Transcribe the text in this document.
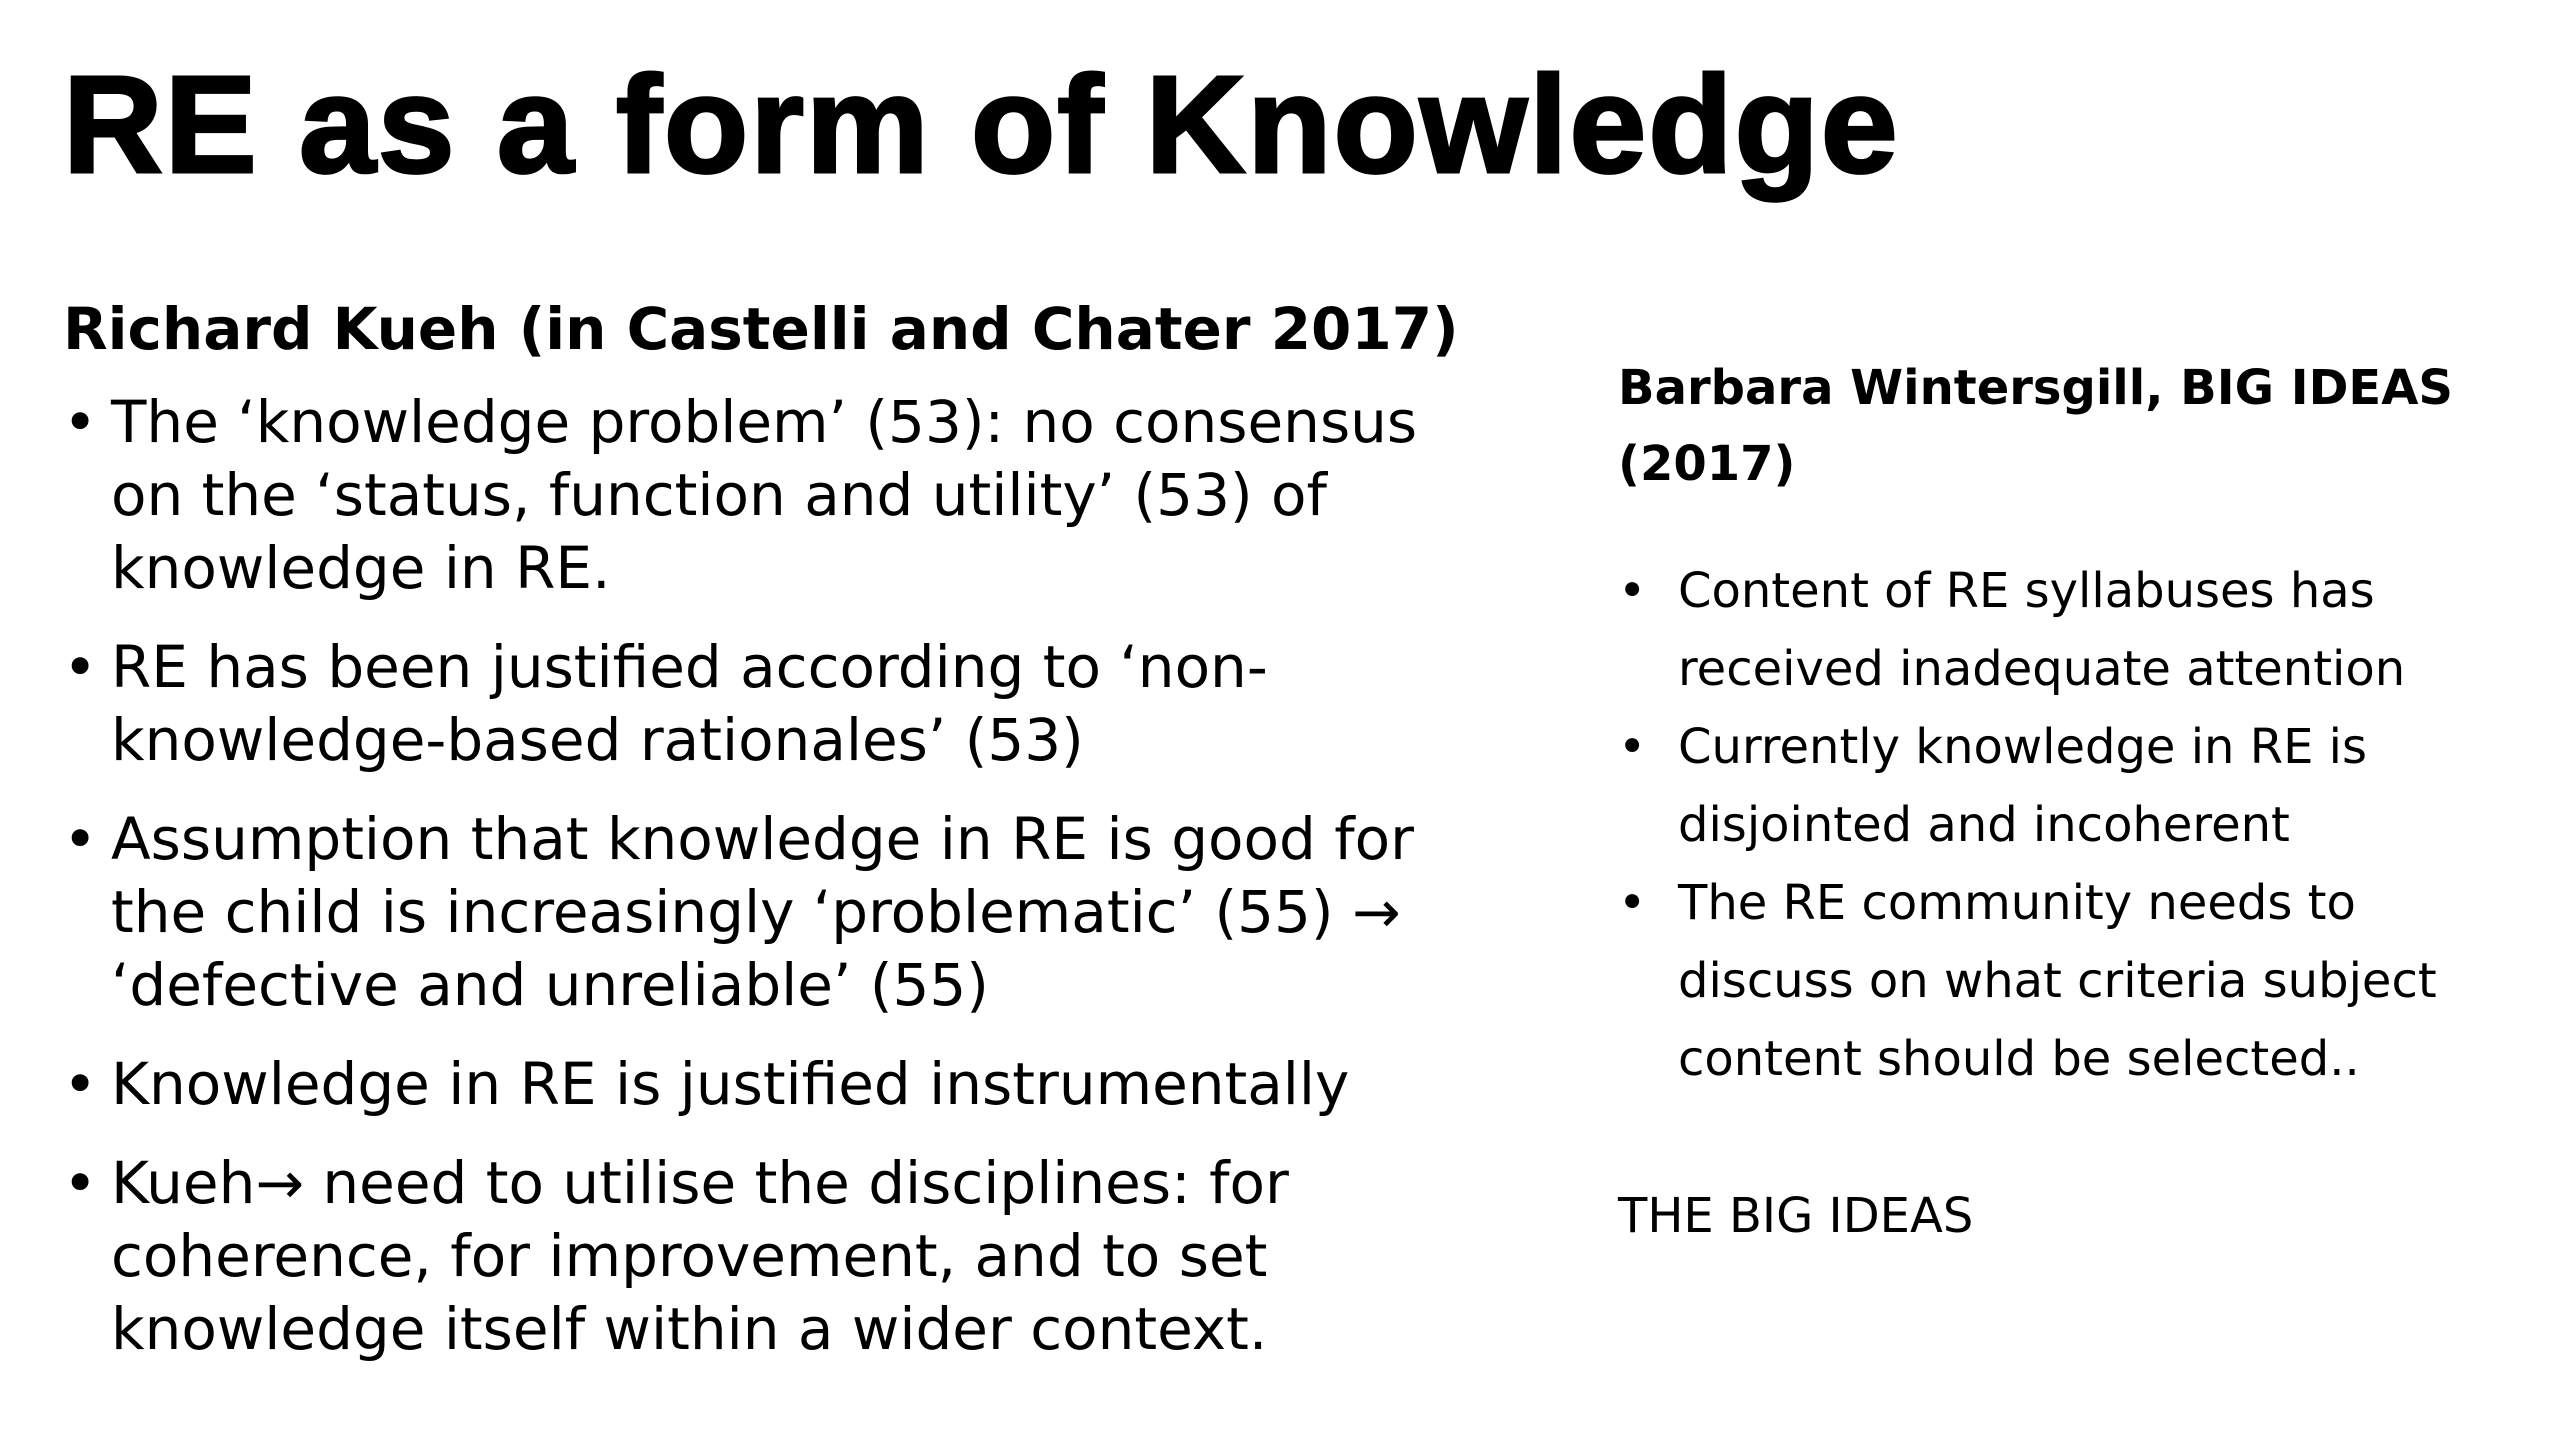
RE as a form of Knowledge

Richard Kueh (in Castelli and Chater 2017)

• The ‘knowledge problem’ (53): no consensus on the ‘status, function and utility’ (53) of knowledge in RE.
• RE has been justified according to ‘non-knowledge-based rationales’ (53)
• Assumption that knowledge in RE is good for the child is increasingly ‘problematic’ (55) → ‘defective and unreliable’ (55)
• Knowledge in RE is justified instrumentally
• Kueh→ need to utilise the disciplines: for coherence, for improvement, and to set knowledge itself within a wider context.

Barbara Wintersgill, BIG IDEAS (2017)

• Content of RE syllabuses has received inadequate attention
• Currently knowledge in RE is disjointed and incoherent
• The RE community needs to discuss on what criteria subject content should be selected..

THE BIG IDEAS
